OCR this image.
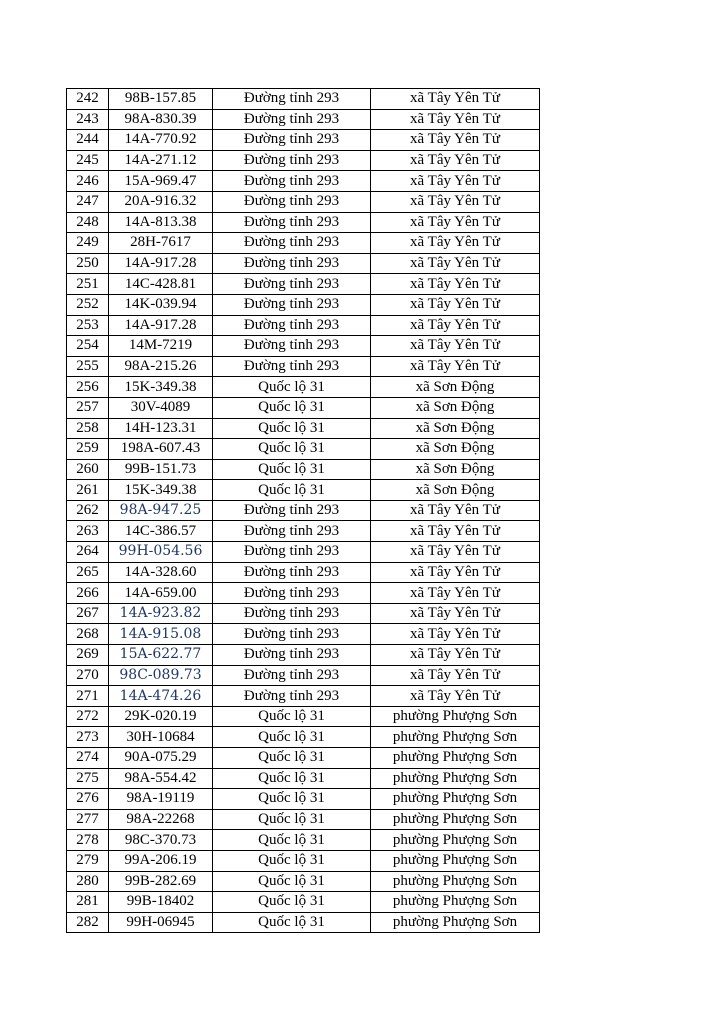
242	98B-157.85	Đường tỉnh 293	xã Tây Yên Tử
243	98A-830.39	Đường tỉnh 293	xã Tây Yên Tử
244	14A-770.92	Đường tỉnh 293	xã Tây Yên Tử
245	14A-271.12	Đường tỉnh 293	xã Tây Yên Tử
246	15A-969.47	Đường tỉnh 293	xã Tây Yên Tử
247	20A-916.32	Đường tỉnh 293	xã Tây Yên Tử
248	14A-813.38	Đường tỉnh 293	xã Tây Yên Tử
249	28H-7617	Đường tỉnh 293	xã Tây Yên Tử
250	14A-917.28	Đường tỉnh 293	xã Tây Yên Tử
251	14C-428.81	Đường tỉnh 293	xã Tây Yên Tử
252	14K-039.94	Đường tỉnh 293	xã Tây Yên Tử
253	14A-917.28	Đường tỉnh 293	xã Tây Yên Tử
254	14M-7219	Đường tỉnh 293	xã Tây Yên Tử
255	98A-215.26	Đường tỉnh 293	xã Tây Yên Tử
256	15K-349.38	Quốc lộ 31	xã Sơn Động
257	30V-4089	Quốc lộ 31	xã Sơn Động
258	14H-123.31	Quốc lộ 31	xã Sơn Động
259	198A-607.43	Quốc lộ 31	xã Sơn Động
260	99B-151.73	Quốc lộ 31	xã Sơn Động
261	15K-349.38	Quốc lộ 31	xã Sơn Động
262	98A-947.25	Đường tỉnh 293	xã Tây Yên Tử
263	14C-386.57	Đường tỉnh 293	xã Tây Yên Tử
264	99H-054.56	Đường tỉnh 293	xã Tây Yên Tử
265	14A-328.60	Đường tỉnh 293	xã Tây Yên Tử
266	14A-659.00	Đường tỉnh 293	xã Tây Yên Tử
267	14A-923.82	Đường tỉnh 293	xã Tây Yên Tử
268	14A-915.08	Đường tỉnh 293	xã Tây Yên Tử
269	15A-622.77	Đường tỉnh 293	xã Tây Yên Tử
270	98C-089.73	Đường tỉnh 293	xã Tây Yên Tử
271	14A-474.26	Đường tỉnh 293	xã Tây Yên Tử
272	29K-020.19	Quốc lộ 31	phường Phượng Sơn
273	30H-10684	Quốc lộ 31	phường Phượng Sơn
274	90A-075.29	Quốc lộ 31	phường Phượng Sơn
275	98A-554.42	Quốc lộ 31	phường Phượng Sơn
276	98A-19119	Quốc lộ 31	phường Phượng Sơn
277	98A-22268	Quốc lộ 31	phường Phượng Sơn
278	98C-370.73	Quốc lộ 31	phường Phượng Sơn
279	99A-206.19	Quốc lộ 31	phường Phượng Sơn
280	99B-282.69	Quốc lộ 31	phường Phượng Sơn
281	99B-18402	Quốc lộ 31	phường Phượng Sơn
282	99H-06945	Quốc lộ 31	phường Phượng Sơn
